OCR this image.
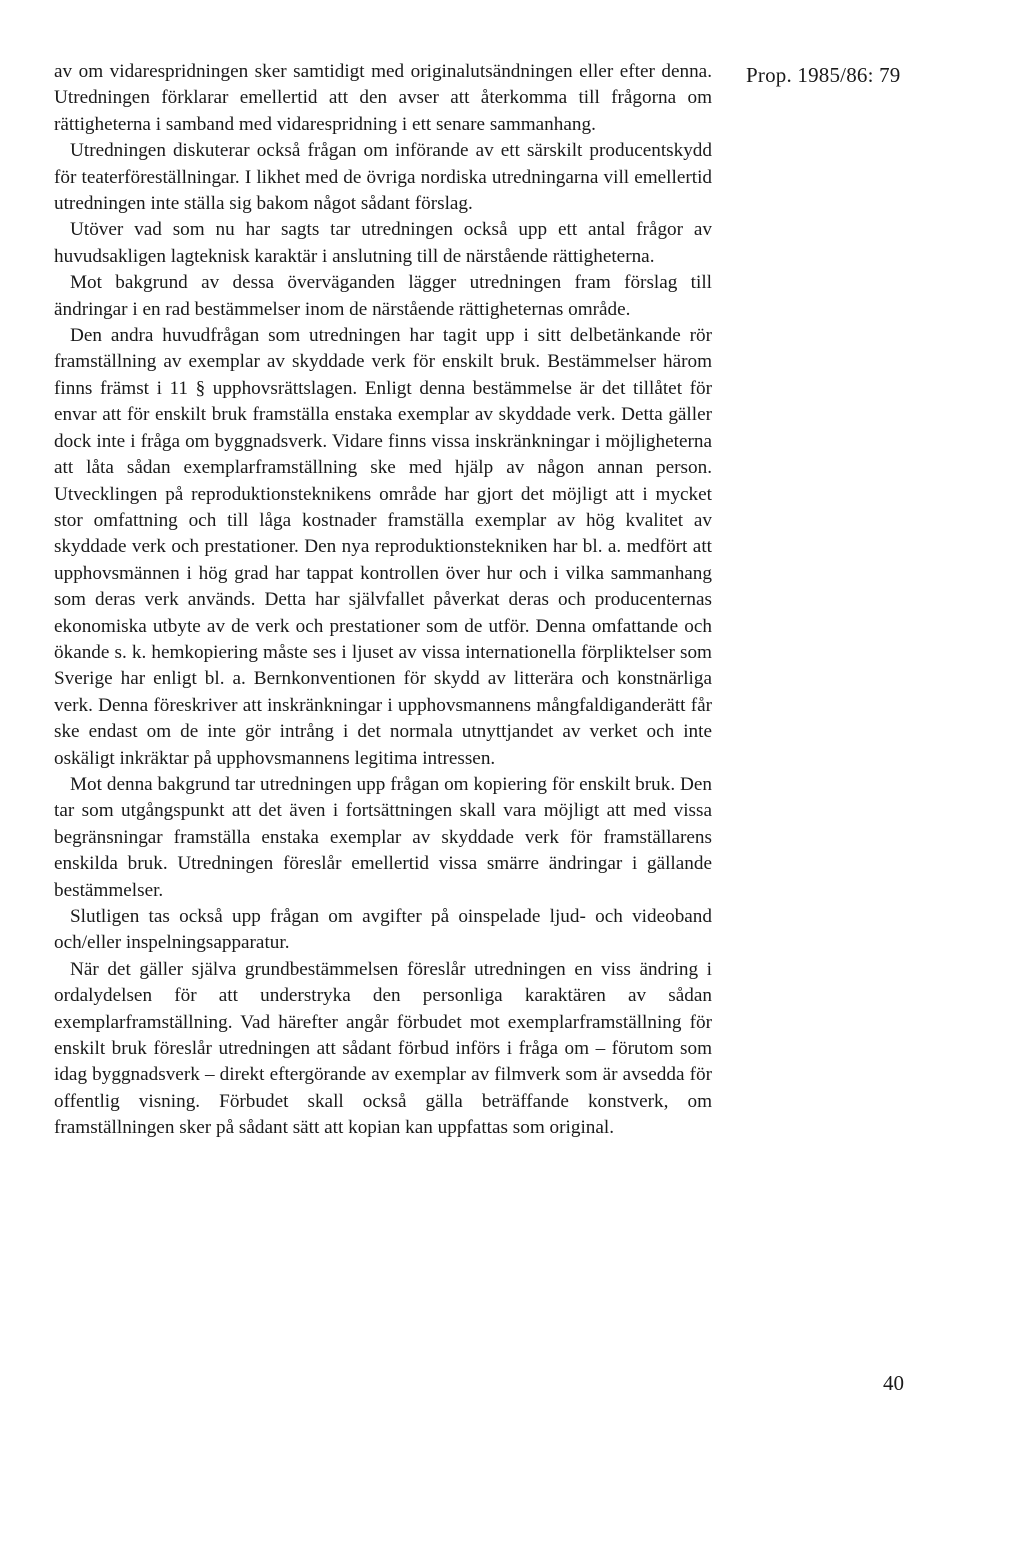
Prop. 1985/86: 79

av om vidarespridningen sker samtidigt med originalutsändningen eller efter denna. Utredningen förklarar emellertid att den avser att återkomma till frågorna om rättigheterna i samband med vidarespridning i ett senare sammanhang.

Utredningen diskuterar också frågan om införande av ett särskilt producentskydd för teaterföreställningar. I likhet med de övriga nordiska utredningarna vill emellertid utredningen inte ställa sig bakom något sådant förslag.

Utöver vad som nu har sagts tar utredningen också upp ett antal frågor av huvudsakligen lagteknisk karaktär i anslutning till de närstående rättigheterna.

Mot bakgrund av dessa överväganden lägger utredningen fram förslag till ändringar i en rad bestämmelser inom de närstående rättigheternas område.

Den andra huvudfrågan som utredningen har tagit upp i sitt delbetänkande rör framställning av exemplar av skyddade verk för enskilt bruk. Bestämmelser härom finns främst i 11 § upphovsrättslagen. Enligt denna bestämmelse är det tillåtet för envar att för enskilt bruk framställa enstaka exemplar av skyddade verk. Detta gäller dock inte i fråga om byggnadsverk. Vidare finns vissa inskränkningar i möjligheterna att låta sådan exemplarframställning ske med hjälp av någon annan person. Utvecklingen på reproduktionsteknikens område har gjort det möjligt att i mycket stor omfattning och till låga kostnader framställa exemplar av hög kvalitet av skyddade verk och prestationer. Den nya reproduktionstekniken har bl. a. medfört att upphovsmännen i hög grad har tappat kontrollen över hur och i vilka sammanhang som deras verk används. Detta har självfallet påverkat deras och producenternas ekonomiska utbyte av de verk och prestationer som de utför. Denna omfattande och ökande s. k. hemkopiering måste ses i ljuset av vissa internationella förpliktelser som Sverige har enligt bl. a. Bernkonventionen för skydd av litterära och konstnärliga verk. Denna föreskriver att inskränkningar i upphovsmannens mångfaldiganderätt får ske endast om de inte gör intrång i det normala utnyttjandet av verket och inte oskäligt inkräktar på upphovsmannens legitima intressen.

Mot denna bakgrund tar utredningen upp frågan om kopiering för enskilt bruk. Den tar som utgångspunkt att det även i fortsättningen skall vara möjligt att med vissa begränsningar framställa enstaka exemplar av skyddade verk för framställarens enskilda bruk. Utredningen föreslår emellertid vissa smärre ändringar i gällande bestämmelser.

Slutligen tas också upp frågan om avgifter på oinspelade ljud- och videoband och/eller inspelningsapparatur.

När det gäller själva grundbestämmelsen föreslår utredningen en viss ändring i ordalydelsen för att understryka den personliga karaktären av sådan exemplarframställning. Vad härefter angår förbudet mot exemplarframställning för enskilt bruk föreslår utredningen att sådant förbud införs i fråga om – förutom som idag byggnadsverk – direkt eftergörande av exemplar av filmverk som är avsedda för offentlig visning. Förbudet skall också gälla beträffande konstverk, om framställningen sker på sådant sätt att kopian kan uppfattas som original.

40
